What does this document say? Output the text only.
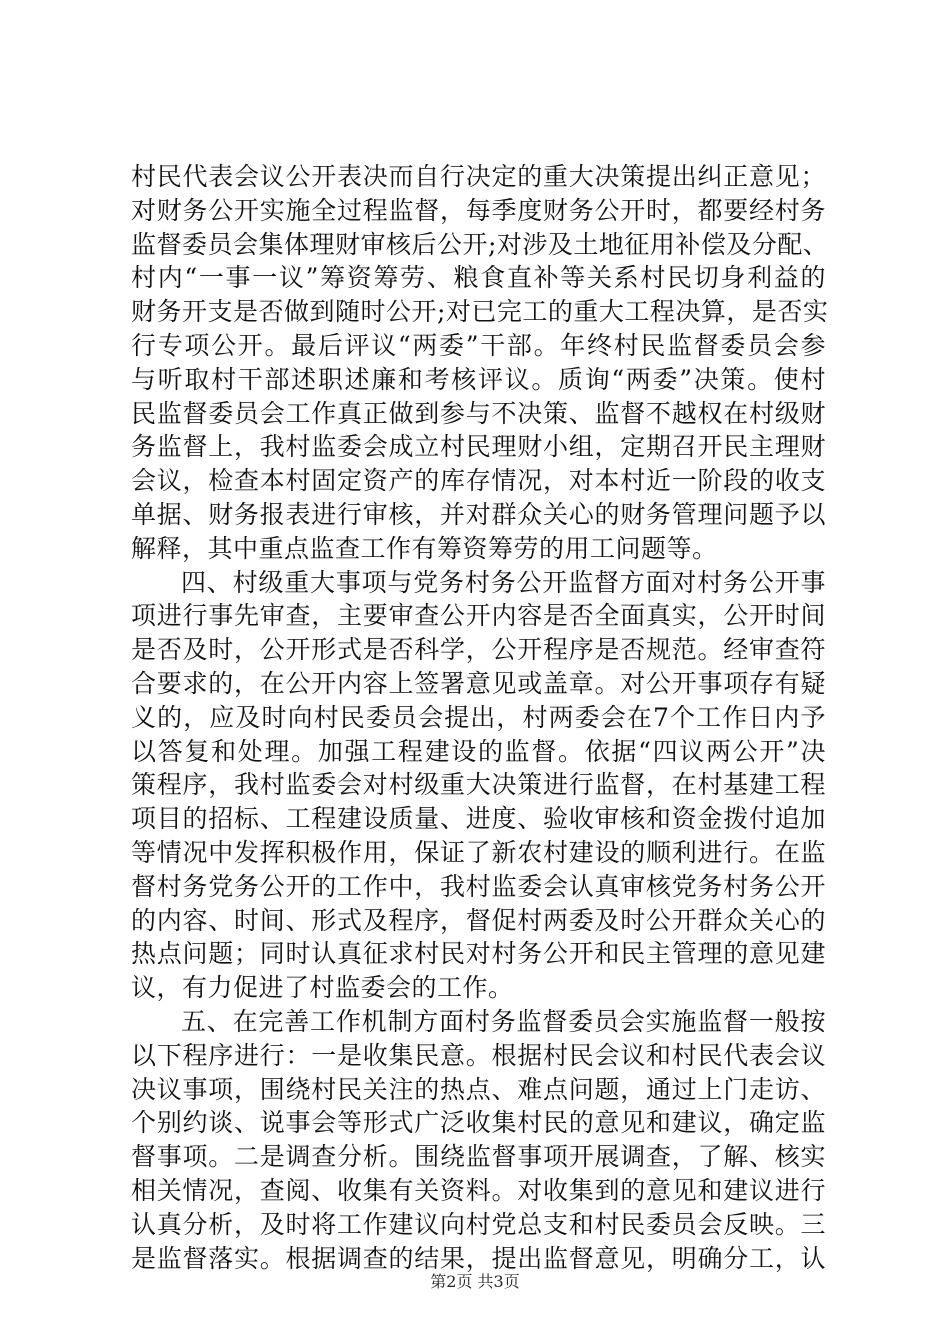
村民代表会议公开表决而自行决定的重大决策提出纠正意见；
对财务公开实施全过程监督，每季度财务公开时，都要经村务
监督委员会集体理财审核后公开;对涉及土地征用补偿及分配、
村内“一事一议”筹资筹劳、粮食直补等关系村民切身利益的
财务开支是否做到随时公开;对已完工的重大工程决算，是否实
行专项公开。最后评议“两委”干部。年终村民监督委员会参
与听取村干部述职述廉和考核评议。质询“两委”决策。使村
民监督委员会工作真正做到参与不决策、监督不越权在村级财
务监督上，我村监委会成立村民理财小组，定期召开民主理财
会议，检查本村固定资产的库存情况，对本村近一阶段的收支
单据、财务报表进行审核，并对群众关心的财务管理问题予以
解释，其中重点监查工作有筹资筹劳的用工问题等。
四、村级重大事项与党务村务公开监督方面对村务公开事
项进行事先审查，主要审查公开内容是否全面真实，公开时间
是否及时，公开形式是否科学，公开程序是否规范。经审查符
合要求的，在公开内容上签署意见或盖章。对公开事项存有疑
义的，应及时向村民委员会提出，村两委会在7个工作日内予
以答复和处理。加强工程建设的监督。依据“四议两公开”决
策程序，我村监委会对村级重大决策进行监督，在村基建工程
项目的招标、工程建设质量、进度、验收审核和资金拨付追加
等情况中发挥积极作用，保证了新农村建设的顺利进行。在监
督村务党务公开的工作中，我村监委会认真审核党务村务公开
的内容、时间、形式及程序，督促村两委及时公开群众关心的
热点问题；同时认真征求村民对村务公开和民主管理的意见建
议，有力促进了村监委会的工作。
五、在完善工作机制方面村务监督委员会实施监督一般按
以下程序进行：一是收集民意。根据村民会议和村民代表会议
决议事项，围绕村民关注的热点、难点问题，通过上门走访、
个别约谈、说事会等形式广泛收集村民的意见和建议，确定监
督事项。二是调查分析。围绕监督事项开展调查，了解、核实
相关情况，查阅、收集有关资料。对收集到的意见和建议进行
认真分析，及时将工作建议向村党总支和村民委员会反映。三
是监督落实。根据调查的结果，提出监督意见，明确分工，认
第2页 共3页
